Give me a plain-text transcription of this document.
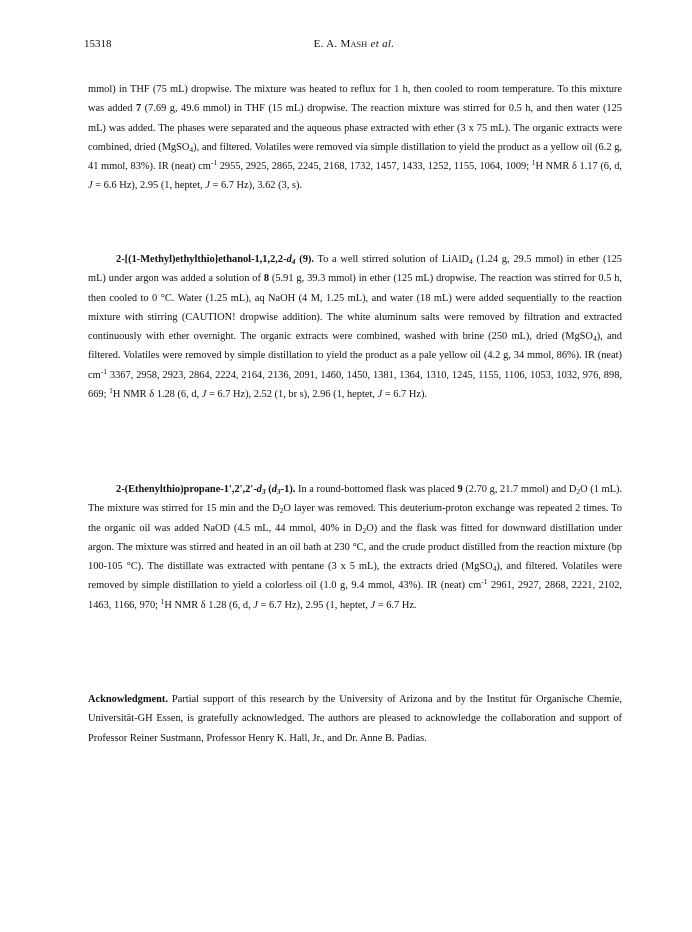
15318	E. A. Mash et al.

mmol) in THF (75 mL) dropwise. The mixture was heated to reflux for 1 h, then cooled to room temperature. To this mixture was added 7 (7.69 g, 49.6 mmol) in THF (15 mL) dropwise. The reaction mixture was stirred for 0.5 h, and then water (125 mL) was added. The phases were separated and the aqueous phase extracted with ether (3 x 75 mL). The organic extracts were combined, dried (MgSO$_4$), and filtered. Volatiles were removed via simple distillation to yield the product as a yellow oil (6.2 g, 41 mmol, 83%). IR (neat) $cm^{-1}$ 2955, 2925, 2865, 2245, 2168, 1732, 1457, 1433, 1252, 1155, 1064, 1009; $^1$H NMR δ 1.17 (6, d, J = 6.6 Hz), 2.95 (1, heptet, J = 6.7 Hz), 3.62 (3, s).

$2-[(1-Methyl)ethylthio]ethanol-1,1,2,2-d_4$ (9). To a well stirred solution of LiAlD$_4$ (1.24 g, 29.5 mmol) in ether (125 mL) under argon was added a solution of 8 (5.91 g, 39.3 mmol) in ether (125 mL) dropwise. The reaction was stirred for 0.5 h, then cooled to 0 °C. Water (1.25 mL), aq NaOH (4 M, 1.25 mL), and water (18 mL) were added sequentially to the reaction mixture with stirring (CAUTION! dropwise addition). The white aluminum salts were removed by filtration and extracted continuously with ether overnight. The organic extracts were combined, washed with brine (250 mL), dried (MgSO$_4$), and filtered. Volatiles were removed by simple distillation to yield the product as a pale yellow oil (4.2 g, 34 mmol, 86%). IR (neat) $cm^{-1}$ 3367, 2958, 2923, 2864, 2224, 2164, 2136, 2091, 1460, 1450, 1381, 1364, 1310, 1245, 1155, 1106, 1053, 1032, 976, 898, 669; $^1$H NMR δ 1.28 (6, d, J = 6.7 Hz), 2.52 (1, br s), 2.96 (1, heptet, J = 6.7 Hz).

$2-(Ethenylthio)propane-1',2',2'-d_3$ $(d_3-1)$. In a round-bottomed flask was placed 9 (2.70 g, 21.7 mmol) and $D_2O$ (1 mL). The mixture was stirred for 15 min and the $D_2O$ layer was removed. This deuterium-proton exchange was repeated 2 times. To the organic oil was added NaOD (4.5 mL, 44 mmol, 40% in $D_2O$) and the flask was fitted for downward distillation under argon. The mixture was stirred and heated in an oil bath at 230 °C, and the crude product distilled from the reaction mixture (bp 100-105 °C). The distillate was extracted with pentane (3 x 5 mL), the extracts dried (MgSO$_4$), and filtered. Volatiles were removed by simple distillation to yield a colorless oil (1.0 g, 9.4 mmol, 43%). IR (neat) $cm^{-1}$ 2961, 2927, 2868, 2221, 2102, 1463, 1166, 970; $^1$H NMR δ 1.28 (6, d, J = 6.7 Hz), 2.95 (1, heptet, J = 6.7 Hz.

Acknowledgment. Partial support of this research by the University of Arizona and by the Institut für Organische Chemie, Universität-GH Essen, is gratefully acknowledged. The authors are pleased to acknowledge the collaboration and support of Professor Reiner Sustmann, Professor Henry K. Hall, Jr., and Dr. Anne B. Padias.
